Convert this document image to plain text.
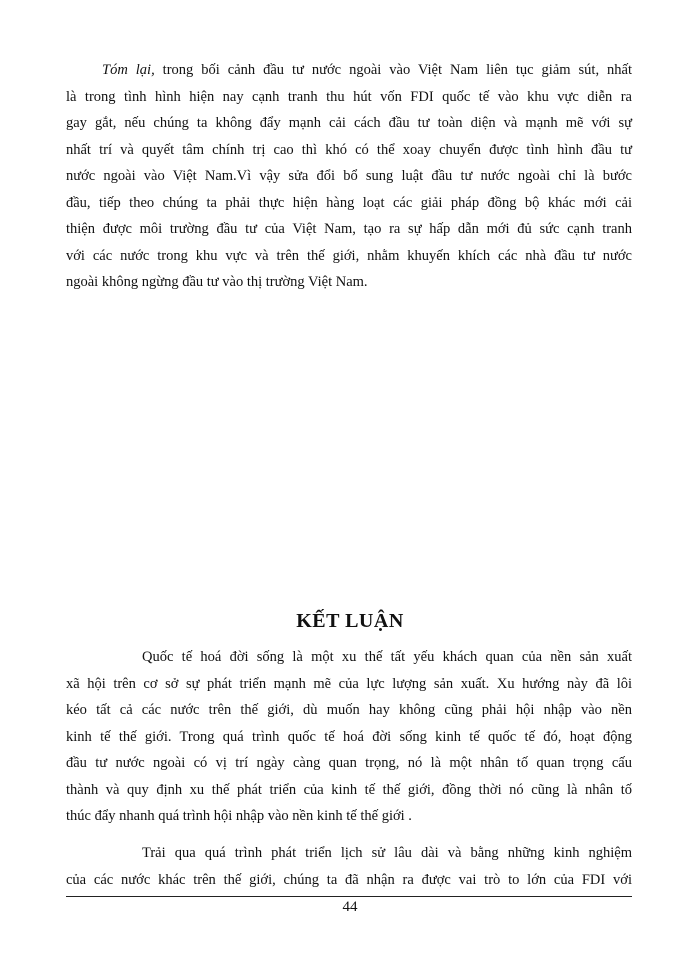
Tóm lại, trong bối cảnh đầu tư nước ngoài vào Việt Nam liên tục giảm sút, nhất
là trong tình hình hiện nay cạnh tranh thu hút vốn FDI quốc tế vào khu vực diễn ra
gay gắt, nếu chúng ta không đẩy mạnh cải cách đầu tư toàn diện và mạnh mẽ với sự
nhất trí và quyết tâm chính trị cao thì khó có thể xoay chuyển được tình hình đầu tư
nước ngoài vào Việt Nam.Vì vậy sửa đổi bổ sung luật đầu tư nước ngoài chỉ là bước
đầu, tiếp theo chúng ta phải thực hiện hàng loạt các giải pháp đồng bộ khác mới cải
thiện được môi trường đầu tư của Việt Nam, tạo ra sự hấp dẫn mới đủ sức cạnh tranh
với các nước trong khu vực và trên thế giới, nhằm khuyến khích các nhà đầu tư nước
ngoài không ngừng đầu tư vào thị trường Việt Nam.
KẾT LUẬN
Quốc tế hoá đời sống là một xu thế tất yếu khách quan của nền sản xuất
xã hội trên cơ sở sự phát triển mạnh mẽ của lực lượng sản xuất. Xu hướng này đã lôi
kéo tất cả các nước trên thế giới, dù muốn hay không cũng phải hội nhập vào nền
kinh tế thế giới. Trong quá trình quốc tế hoá đời sống kinh tế quốc tế đó, hoạt động
đầu tư nước ngoài có vị trí ngày càng quan trọng, nó là một nhân tố quan trọng cấu
thành và quy định xu thế phát triển của kinh tế thế giới, đồng thời nó cũng là nhân tố
thúc đẩy nhanh quá trình hội nhập vào nền kinh tế thế giới .
Trải qua quá trình phát triển lịch sử lâu dài và bằng những kinh nghiệm
của các nước khác trên thế giới, chúng ta đã nhận ra được vai trò to lớn của FDI với
44
